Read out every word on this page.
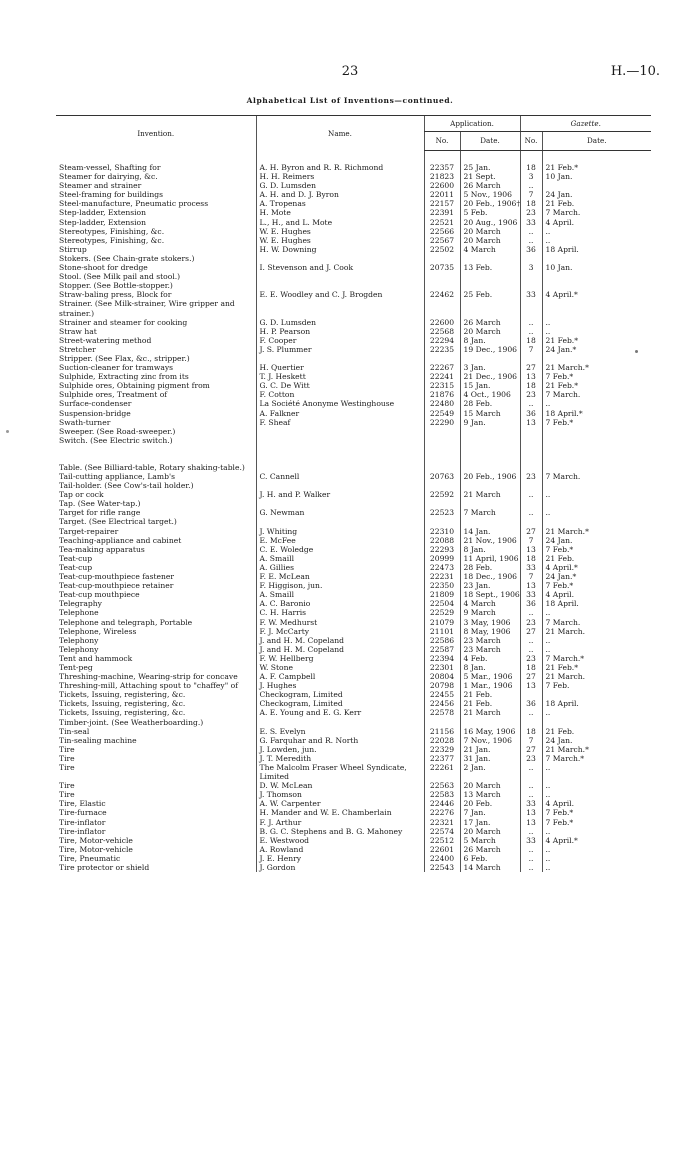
23	H.—10.
Alphabetical List of Inventions—continued.
Invention.	Name.	Application.		Gazette.	
		No.	Date.	No.	Date.
Steam-vessel, Shafting for	A. H. Byron and R. R. Richmond	22357	25 Jan.	18	21 Feb.*
Steamer for dairying, &c.	H. H. Reimers	21823	21 Sept.	3	10 Jan.
Steamer and strainer	G. D. Lumsden	22600	26 March	..	
Steel-framing for buildings	A. H. and D. J. Byron	22011	5 Nov., 1906	7	24 Jan.
Steel-manufacture, Pneumatic process	A. Tropenas	22157	20 Feb., 1906†	18	21 Feb.
Step-ladder, Extension	H. Mote	22391	5 Feb.	23	7 March.
Step-ladder, Extension	L., H., and L. Mote	22521	20 Aug., 1906	33	4 April.
Stereotypes, Finishing, &c.	W. E. Hughes	22566	20 March	..	..
Stereotypes, Finishing, &c.	W. E. Hughes	22567	20 March	..	..
Stirrup	H. W. Downing	22502	4 March	36	18 April.
Stokers. (See Chain-grate stokers.)					
Stone-shoot for dredge	I. Stevenson and J. Cook	20735	13 Feb.	3	10 Jan.
Stool. (See Milk pail and stool.)					
Stopper. (See Bottle-stopper.)					
Straw-baling press, Block for	E. E. Woodley and C. J. Brogden	22462	25 Feb.	33	4 April.*
Strainer. (See Milk-strainer, Wire gripper and strainer.)					
Strainer and steamer for cooking	G. D. Lumsden	22600	26 March	..	..
Straw hat	H. P. Pearson	22568	20 March	..	..
Street-watering method	F. Cooper	22294	8 Jan.	18	21 Feb.*
Stretcher	J. S. Plummer	22235	19 Dec., 1906	7	24 Jan.*
Stripper. (See Flax, &c., stripper.)					
Suction-cleaner for tramways	H. Quertier	22267	3 Jan.	27	21 March.*
Sulphide, Extracting zinc from its	T. J. Heskett	22241	21 Dec., 1906	13	7 Feb.*
Sulphide ores, Obtaining pigment from	G. C. De Witt	22315	15 Jan.	18	21 Feb.*
Sulphide ores, Treatment of	F. Cotton	21876	4 Oct., 1906	23	7 March.
Surface-condenser	La Société Anonyme Westinghouse	22480	28 Feb.	..	..
Suspension-bridge	A. Falkner	22549	15 March	36	18 April.*
Swath-turner	F. Sheaf	22290	9 Jan.	13	7 Feb.*
Sweeper. (See Road-sweeper.)					
Switch. (See Electric switch.)					

Table. (See Billiard-table, Rotary shaking-table.)					
Tail-cutting appliance, Lamb's	C. Cannell	20763	20 Feb., 1906	23	7 March.
Tail-holder. (See Cow's-tail holder.)					
Tap or cock	J. H. and P. Walker	22592	21 March	..	..
Tap. (See Water-tap.)					
Target for rifle range	G. Newman	22523	7 March	..	..
Target. (See Electrical target.)					
Target-repairer	J. Whiting	22310	14 Jan.	27	21 March.*
Teaching-appliance and cabinet	E. McFee	22088	21 Nov., 1906	7	24 Jan.
Tea-making apparatus	C. E. Woledge	22293	8 Jan.	13	7 Feb.*
Teat-cup	A. Smaill	20999	11 April, 1906	18	21 Feb.
Teat-cup	A. Gillies	22473	28 Feb.	33	4 April.*
Teat-cup-mouthpiece fastener	F. E. McLean	22231	18 Dec., 1906	7	24 Jan.*
Teat-cup-mouthpiece retainer	F. Higgison, jun.	22350	23 Jan.	13	7 Feb.*
Teat-cup mouthpiece	A. Smaill	21809	18 Sept., 1906	33	4 April.
Telegraphy	A. C. Baronio	22504	4 March	36	18 April.
Telephone	C. H. Harris	22529	9 March	..	..
Telephone and telegraph, Portable	F. W. Medhurst	21079	3 May, 1906	23	7 March.
Telephone, Wireless	F. J. McCarty	21101	8 May, 1906	27	21 March.
Telephony	J. and H. M. Copeland	22586	23 March	..	..
Telephony	J. and H. M. Copeland	22587	23 March	..	..
Tent and hammock	F. W. Hellberg	22394	4 Feb.	23	7 March.*
Tent-peg	W. Stone	22301	8 Jan.	18	21 Feb.*
Threshing-machine, Wearing-strip for concave	A. F. Campbell	20804	5 Mar., 1906	27	21 March.
Threshing-mill, Attaching spout to "chaffey" of	J. Hughes	20798	1 Mar., 1906	13	7 Feb.
Tickets, Issuing, registering, &c.	Checkogram, Limited	22455	21 Feb.		
Tickets, Issuing, registering, &c.	Checkogram, Limited	22456	21 Feb.	36	18 April.
Tickets, Issuing, registering, &c.	A. E. Young and E. G. Kerr	22578	21 March	..	..
Timber-joint. (See Weatherboarding.)					
Tin-seal	E. S. Evelyn	21156	16 May, 1906	18	21 Feb.
Tin-sealing machine	G. Farquhar and R. North	22028	7 Nov., 1906	7	24 Jan.
Tire	J. Lowden, jun.	22329	21 Jan.	27	21 March.*
Tire	J. T. Meredith	22377	31 Jan.	23	7 March.*
Tire	The Malcolm Fraser Wheel Syndicate, Limited	22261	2 Jan.	..	..
Tire	D. W. McLean	22563	20 March	..	..
Tire	J. Thomson	22583	13 March	..	..
Tire, Elastic	A. W. Carpenter	22446	20 Feb.	33	4 April.
Tire-furnace	H. Mander and W. E. Chamberlain	22276	7 Jan.	13	7 Feb.*
Tire-inflator	F. J. Arthur	22321	17 Jan.	13	7 Feb.*
Tire-inflator	B. G. C. Stephens and B. G. Mahoney	22574	20 March	..	..
Tire, Motor-vehicle	E. Westwood	22512	5 March	33	4 April.*
Tire, Motor-vehicle	A. Rowland	22601	26 March	..	..
Tire, Pneumatic	J. E. Henry	22400	6 Feb.	..	..
Tire protector or shield	J. Gordon	22543	14 March	..	..
